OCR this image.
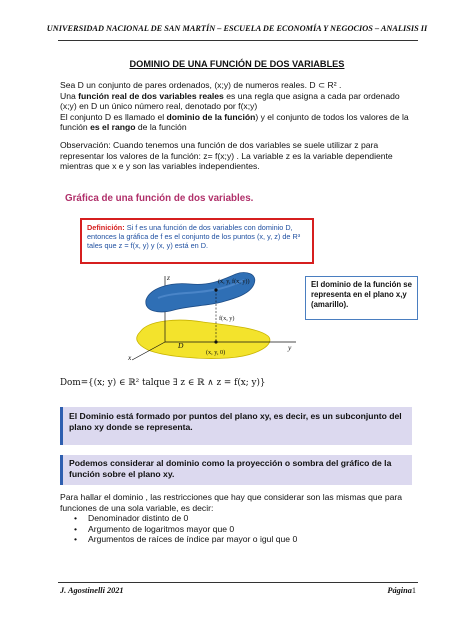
UNIVERSIDAD NACIONAL DE SAN MARTÍN – ESCUELA DE ECONOMÍA Y NEGOCIOS – ANALISIS II
DOMINIO DE UNA FUNCIÓN DE DOS VARIABLES
Sea D un conjunto de pares ordenados, (x;y) de numeros reales. D ⊂ R² .
Una función real de dos variables reales es una regla que asigna a cada par ordenado (x;y) en D un único número real, denotado por f(x;y)
El conjunto D es llamado el dominio de la función) y el conjunto de todos los valores de la función es el rango de la función
Observación: Cuando tenemos una función de dos variables se suele utilizar z para representar los valores de la función: z= f(x;y) . La variable z es la variable dependiente mientras que x e y son las variables independientes.
Gráfica de una función de dos variables.
Definición: Si f es una función de dos variables con dominio D, entonces la gráfica de f es el conjunto de los puntos (x, y, z) de R³ tales que z = f(x, y) y (x, y) está en D.
z
y
x
(x, y, f(x, y))
f(x, y)
(x, y, 0)
D
El dominio de la función se representa en el plano x,y (amarillo).
Dom={(x; y) ∈ ℝ² talque ∃ z ∈ ℝ ∧ z = f(x; y)}
El Dominio está formado por puntos del plano xy, es decir, es un subconjunto del plano xy donde se representa.
Podemos considerar al dominio como la proyección o sombra del gráfico de la función sobre el plano xy.
Para hallar el dominio , las restricciones que hay que considerar son las mismas que para funciones de una sola variable, es decir:
• Denominador distinto de 0
• Argumento de logaritmos mayor que 0
• Argumentos de raíces de índice par mayor o igul que 0
J. Agostinelli 2021	Página1
